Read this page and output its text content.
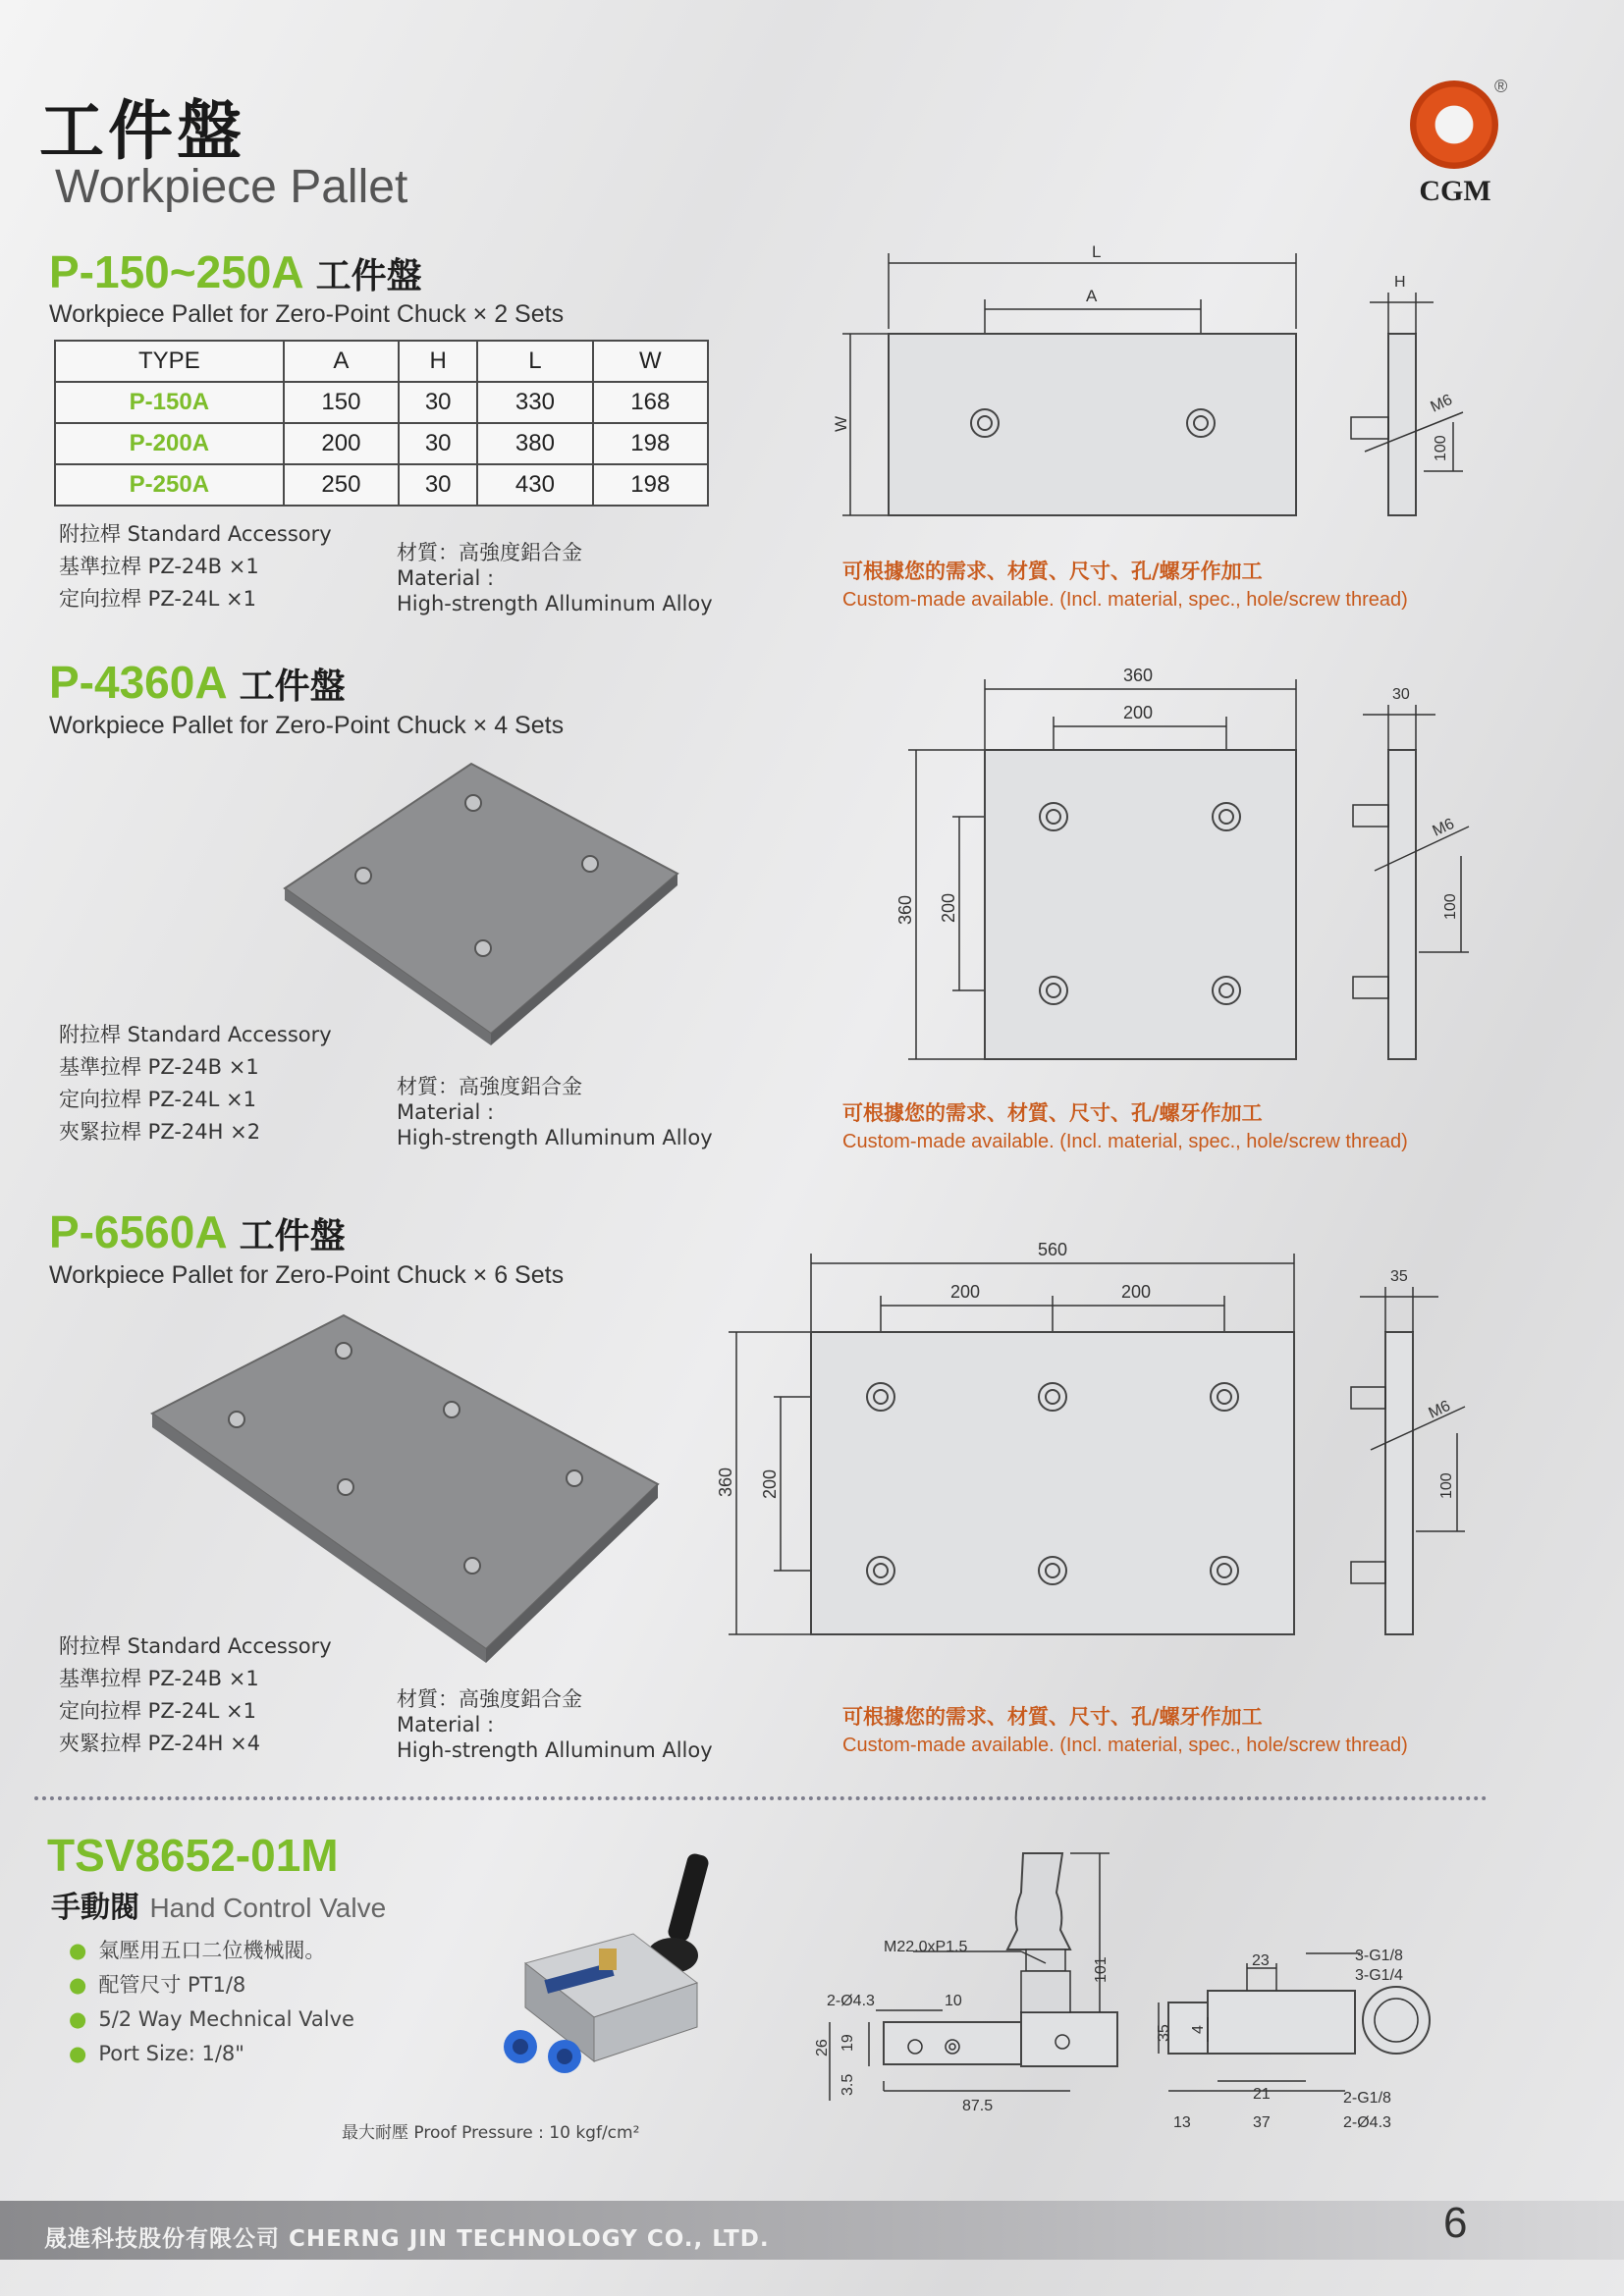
工件盤
Workpiece Pallet
®
CGM
P-150~250A 工件盤
Workpiece Pallet for Zero-Point Chuck × 2 Sets
TYPE	A	H	L	W
P-150A	150	30	330	168
P-200A	200	30	380	198
P-250A	250	30	430	198
附拉桿 Standard Accessory
基準拉桿 PZ-24B ×1
定向拉桿 PZ-24L ×1
材質：高強度鋁合金
Material :
High-strength Alluminum Alloy
可根據您的需求、材質、尺寸、孔/螺牙作加工
Custom-made available. (Incl. material, spec., hole/screw thread)
L
A
W
H
M6
100
P-4360A 工件盤
Workpiece Pallet for Zero-Point Chuck × 4 Sets
附拉桿 Standard Accessory
基準拉桿 PZ-24B ×1
定向拉桿 PZ-24L ×1
夾緊拉桿 PZ-24H ×2
材質：高強度鋁合金
Material :
High-strength Alluminum Alloy
可根據您的需求、材質、尺寸、孔/螺牙作加工
Custom-made available. (Incl. material, spec., hole/screw thread)
360
200
360 200
30
M6
100
P-6560A 工件盤
Workpiece Pallet for Zero-Point Chuck × 6 Sets
附拉桿 Standard Accessory
基準拉桿 PZ-24B ×1
定向拉桿 PZ-24L ×1
夾緊拉桿 PZ-24H ×4
材質：高強度鋁合金
Material :
High-strength Alluminum Alloy
可根據您的需求、材質、尺寸、孔/螺牙作加工
Custom-made available. (Incl. material, spec., hole/screw thread)
560
200	200
360 200
35
M6
100
TSV8652-01M
手動閥 Hand Control Valve
● 氣壓用五口二位機械閥。
● 配管尺寸 PT1/8
● 5/2 Way Mechnical Valve
● Port Size: 1/8"
最大耐壓 Proof Pressure : 10 kgf/cm²
M22.0xP1.5
2-Ø4.3	10
101
26 19
3.5
87.5
23	3-G1/8
3-G1/4
35 4
21	2-G1/8
13	37	2-Ø4.3
晟進科技股份有限公司 CHERNG JIN TECHNOLOGY CO., LTD.	6
